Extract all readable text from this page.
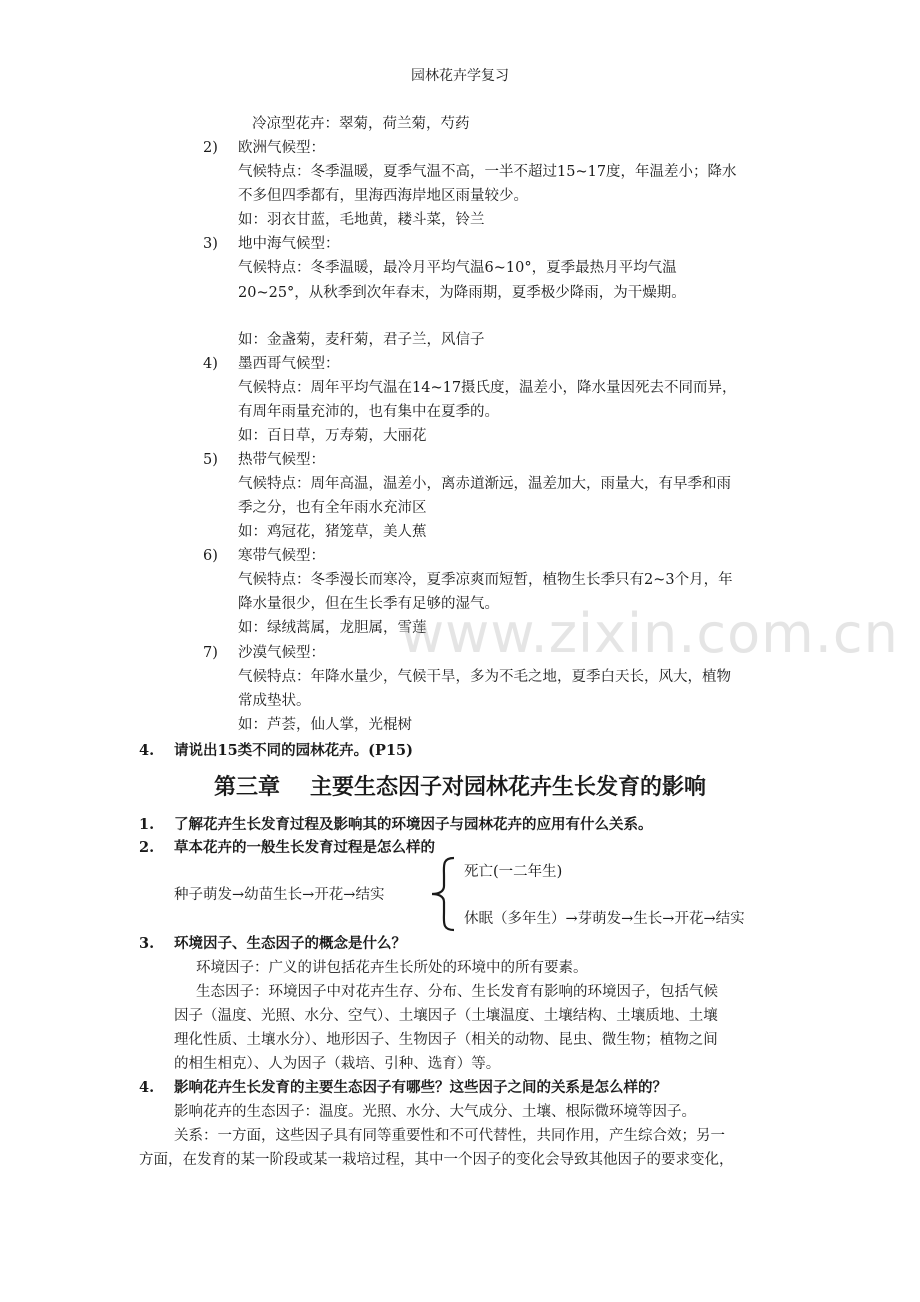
园林花卉学复习
冷凉型花卉：翠菊，荷兰菊，芍药
2) 欧洲气候型：
气候特点：冬季温暖，夏季气温不高，一半不超过15~17度，年温差小；降水
不多但四季都有，里海西海岸地区雨量较少。
如：羽衣甘蓝，毛地黄，耧斗菜，铃兰
3) 地中海气候型：
气候特点：冬季温暖，最冷月平均气温6~10°，夏季最热月平均气温
20~25°，从秋季到次年春末，为降雨期，夏季极少降雨，为干燥期。
如：金盏菊，麦秆菊，君子兰，风信子
4) 墨西哥气候型：
气候特点：周年平均气温在14~17摄氏度，温差小，降水量因死去不同而异，
有周年雨量充沛的，也有集中在夏季的。
如：百日草，万寿菊，大丽花
5) 热带气候型：
气候特点：周年高温，温差小，离赤道渐远，温差加大，雨量大，有早季和雨
季之分，也有全年雨水充沛区
如：鸡冠花，猪笼草，美人蕉
6) 寒带气候型：
气候特点：冬季漫长而寒冷，夏季凉爽而短暂，植物生长季只有2~3个月，年
降水量很少，但在生长季有足够的湿气。
如：绿绒蒿属，龙胆属，雪莲
7) 沙漠气候型：
气候特点：年降水量少，气候干旱，多为不毛之地，夏季白天长，风大，植物
常成垫状。
如：芦荟，仙人掌，光棍树
4. 请说出15类不同的园林花卉。(P15)
第三章 主要生态因子对园林花卉生长发育的影响
1. 了解花卉生长发育过程及影响其的环境因子与园林花卉的应用有什么关系。
2. 草本花卉的一般生长发育过程是怎么样的
种子萌发→幼苗生长→开花→结实
死亡(一二年生)
休眠（多年生）→芽萌发→生长→开花→结实
3. 环境因子、生态因子的概念是什么？
环境因子：广义的讲包括花卉生长所处的环境中的所有要素。
生态因子：环境因子中对花卉生存、分布、生长发育有影响的环境因子，包括气候
因子（温度、光照、水分、空气）、土壤因子（土壤温度、土壤结构、土壤质地、土壤
理化性质、土壤水分）、地形因子、生物因子（相关的动物、昆虫、微生物；植物之间
的相生相克）、人为因子（栽培、引种、选育）等。
4. 影响花卉生长发育的主要生态因子有哪些？这些因子之间的关系是怎么样的？
影响花卉的生态因子：温度。光照、水分、大气成分、土壤、根际微环境等因子。
关系：一方面，这些因子具有同等重要性和不可代替性，共同作用，产生综合效；另一
方面，在发育的某一阶段或某一栽培过程，其中一个因子的变化会导致其他因子的要求变化，
www.zixin.com.cn
